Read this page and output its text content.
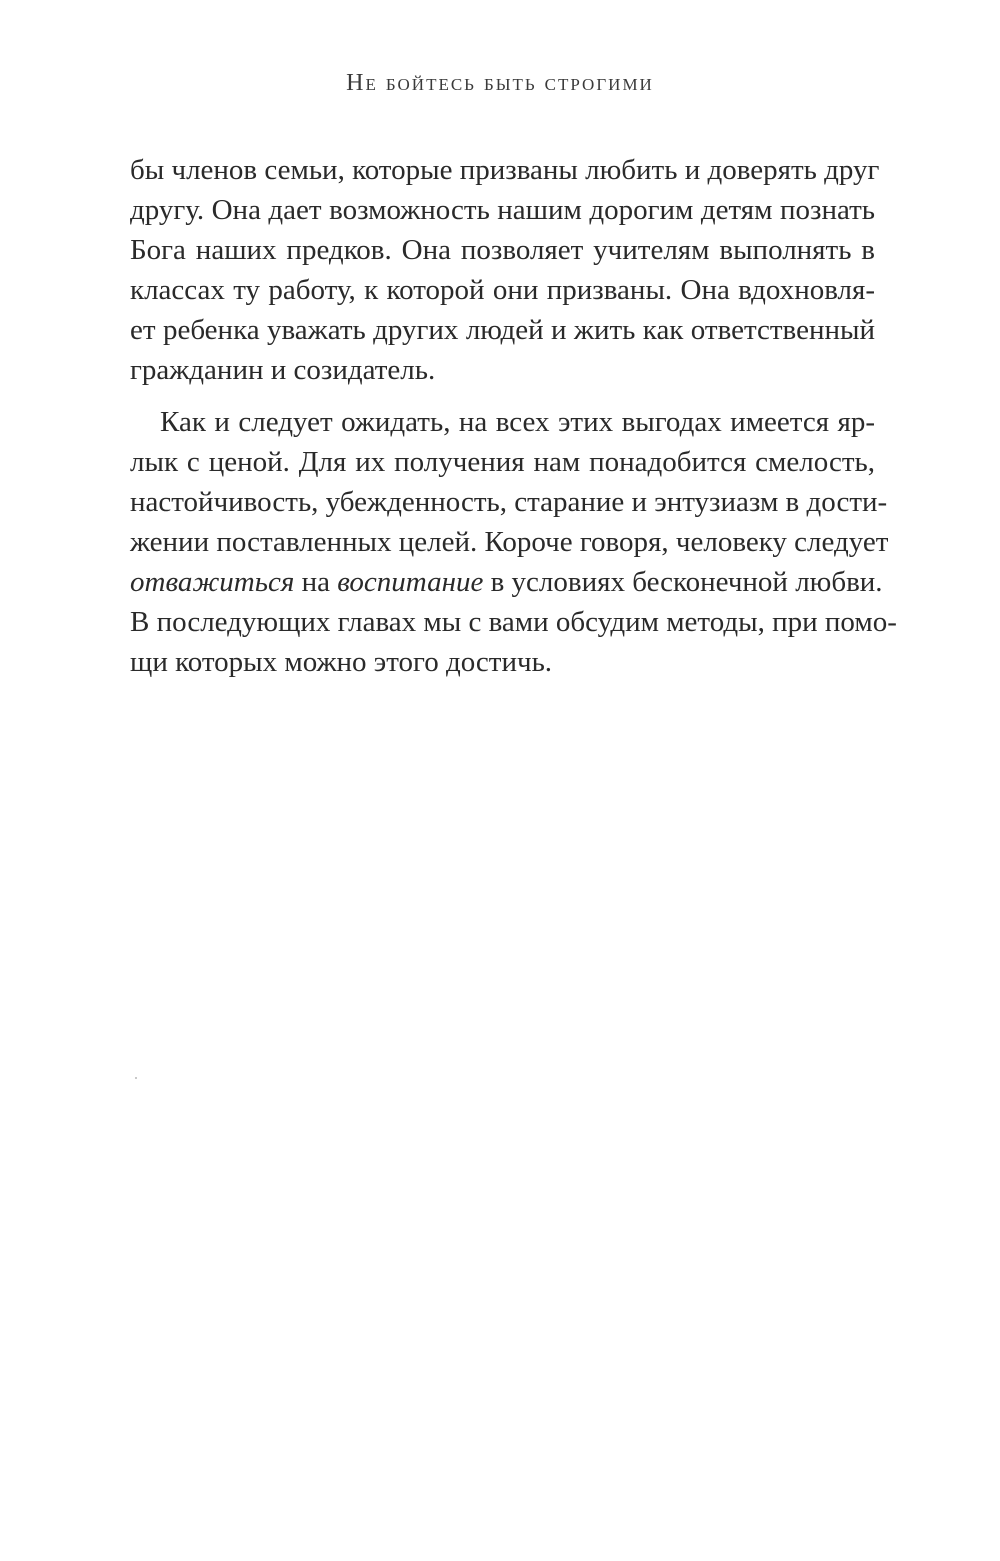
Не бойтесь быть строгими
бы членов семьи, которые призваны любить и доверять друг
другу. Она дает возможность нашим дорогим детям познать
Бога наших предков. Она позволяет учителям выполнять в
классах ту работу, к которой они призваны. Она вдохновля-
ет ребенка уважать других людей и жить как ответственный
гражданин и созидатель.
Как и следует ожидать, на всех этих выгодах имеется яр-
лык с ценой. Для их получения нам понадобится смелость,
настойчивость, убежденность, старание и энтузиазм в дости-
жении поставленных целей. Короче говоря, человеку следует
отважиться на воспитание в условиях бесконечной любви.
В последующих главах мы с вами обсудим методы, при помо-
щи которых можно этого достичь.
